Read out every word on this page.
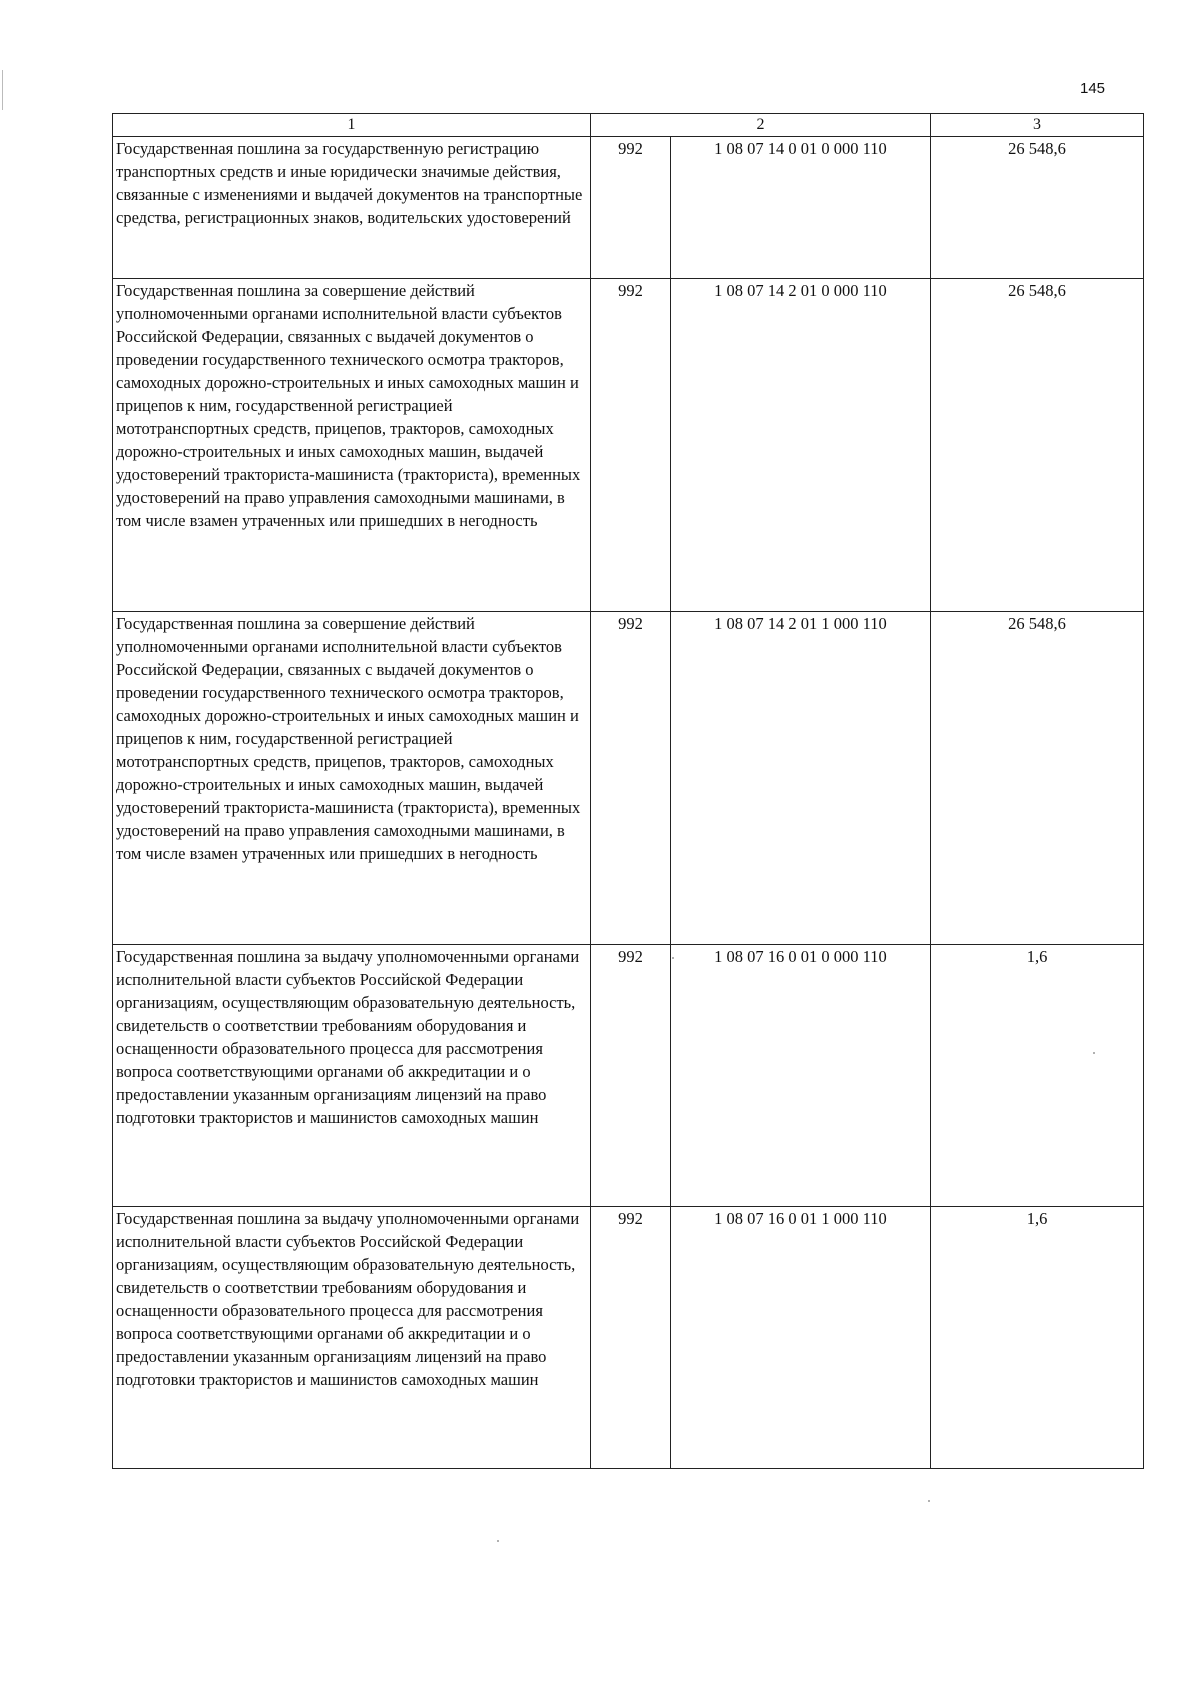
145
1	2		3

Государственная пошлина за государственную регистрацию транспортных средств и иные юридически значимые действия, связанные с изменениями и выдачей документов на транспортные средства, регистрационных знаков, водительских удостоверений	992	1 08 07 14 0 01 0 000 110	26 548,6

Государственная пошлина за совершение действий уполномоченными органами исполнительной власти субъектов Российской Федерации, связанных с выдачей документов о проведении государственного технического осмотра тракторов, самоходных дорожно-строительных и иных самоходных машин и прицепов к ним, государственной регистрацией мототранспортных средств, прицепов, тракторов, самоходных дорожно-строительных и иных самоходных машин, выдачей удостоверений тракториста-машиниста (тракториста), временных удостоверений на право управления самоходными машинами, в том числе взамен утраченных или пришедших в негодность	992	1 08 07 14 2 01 0 000 110	26 548,6

Государственная пошлина за совершение действий уполномоченными органами исполнительной власти субъектов Российской Федерации, связанных с выдачей документов о проведении государственного технического осмотра тракторов, самоходных дорожно-строительных и иных самоходных машин и прицепов к ним, государственной регистрацией мототранспортных средств, прицепов, тракторов, самоходных дорожно-строительных и иных самоходных машин, выдачей удостоверений тракториста-машиниста (тракториста), временных удостоверений на право управления самоходными машинами, в том числе взамен утраченных или пришедших в негодность	992	1 08 07 14 2 01 1 000 110	26 548,6

Государственная пошлина за выдачу уполномоченными органами исполнительной власти субъектов Российской Федерации организациям, осуществляющим образовательную деятельность, свидетельств о соответствии требованиям оборудования и оснащенности образовательного процесса для рассмотрения вопроса соответствующими органами об аккредитации и о предоставлении указанным организациям лицензий на право подготовки трактористов и машинистов самоходных машин	992	1 08 07 16 0 01 0 000 110	1,6

Государственная пошлина за выдачу уполномоченными органами исполнительной власти субъектов Российской Федерации организациям, осуществляющим образовательную деятельность, свидетельств о соответствии требованиям оборудования и оснащенности образовательного процесса для рассмотрения вопроса соответствующими органами об аккредитации и о предоставлении указанным организациям лицензий на право подготовки трактористов и машинистов самоходных машин	992	1 08 07 16 0 01 1 000 110	1,6
